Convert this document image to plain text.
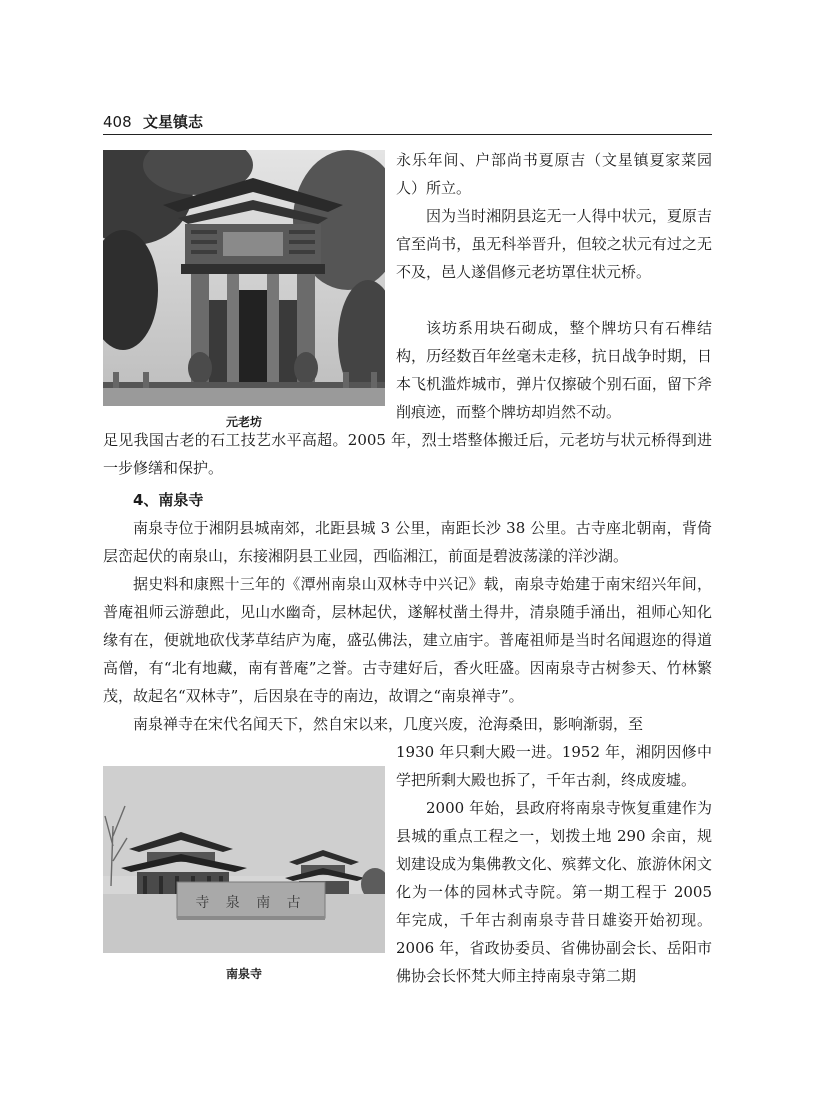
408 文星镇志
元老坊

永乐年间、户部尚书夏原吉（文星镇夏家菜园人）所立。

因为当时湘阴县迄无一人得中状元，夏原吉官至尚书，虽无科举晋升，但较之状元有过之无不及，邑人遂倡修元老坊罩住状元桥。

该坊系用块石砌成，整个牌坊只有石榫结构，历经数百年丝毫未走移，抗日战争时期，日本飞机滥炸城市，弹片仅擦破个别石面，留下斧削痕迹，而整个牌坊却岿然不动。

足见我国古老的石工技艺水平高超。2005 年，烈士塔整体搬迁后，元老坊与状元桥得到进一步修缮和保护。

4、南泉寺

南泉寺位于湘阴县城南郊，北距县城 3 公里，南距长沙 38 公里。古寺座北朝南，背倚层峦起伏的南泉山，东接湘阴县工业园，西临湘江，前面是碧波荡漾的洋沙湖。

据史料和康熙十三年的《潭州南泉山双林寺中兴记》载，南泉寺始建于南宋绍兴年间，普庵祖师云游憩此，见山水幽奇，层林起伏，遂解杖凿土得井，清泉随手涌出，祖师心知化缘有在，便就地砍伐茅草结庐为庵，盛弘佛法，建立庙宇。普庵祖师是当时名闻遐迩的得道高僧，有“北有地藏，南有普庵”之誉。古寺建好后，香火旺盛。因南泉寺古树参天、竹林繁茂，故起名“双林寺”，后因泉在寺的南边，故谓之“南泉禅寺”。

南泉禅寺在宋代名闻天下，然自宋以来，几度兴废，沧海桑田，影响渐弱，至

寺 泉 南 古
南泉寺

1930 年只剩大殿一进。1952 年，湘阴因修中学把所剩大殿也拆了，千年古刹，终成废墟。

2000 年始，县政府将南泉寺恢复重建作为县城的重点工程之一，划拨土地 290 余亩，规划建设成为集佛教文化、殡葬文化、旅游休闲文化为一体的园林式寺院。第一期工程于 2005 年完成，千年古刹南泉寺昔日雄姿开始初现。2006 年，省政协委员、省佛协副会长、岳阳市佛协会长怀梵大师主持南泉寺第二期
